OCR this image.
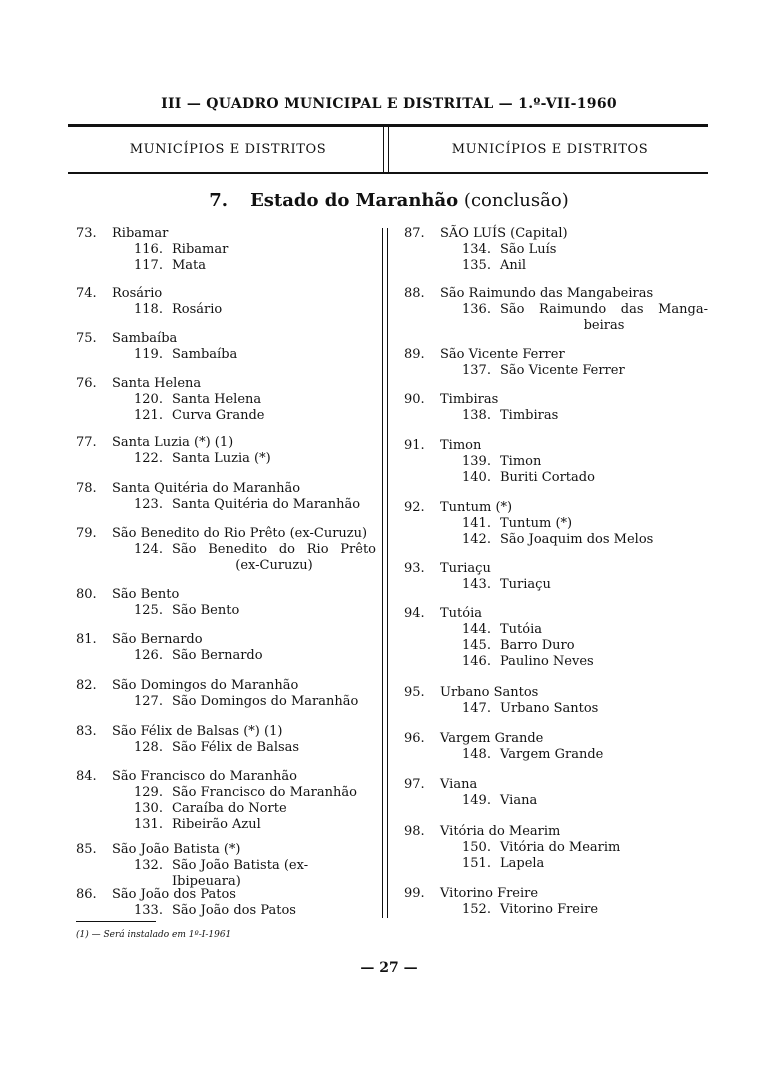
III — QUADRO MUNICIPAL E DISTRITAL — 1.º-VII-1960
MUNICÍPIOS E DISTRITOS	MUNICÍPIOS E DISTRITOS
7. Estado do Maranhão (conclusão)
73. Ribamar
116. Ribamar
117. Mata
74. Rosário
118. Rosário
75. Sambaíba
119. Sambaíba
76. Santa Helena
120. Santa Helena
121. Curva Grande
77. Santa Luzia (*) (1)
122. Santa Luzia (*)
78. Santa Quitéria do Maranhão
123. Santa Quitéria do Maranhão
79. São Benedito do Rio Prêto (ex-Curuzu)
124. São Benedito do Rio Prêto
(ex-Curuzu)
80. São Bento
125. São Bento
81. São Bernardo
126. São Bernardo
82. São Domingos do Maranhão
127. São Domingos do Maranhão
83. São Félix de Balsas (*) (1)
128. São Félix de Balsas
84. São Francisco do Maranhão
129. São Francisco do Maranhão
130. Caraíba do Norte
131. Ribeirão Azul
85. São João Batista (*)
132. São João Batista (ex-Ibipeuara)
86. São João dos Patos
133. São João dos Patos
87. SÃO LUÍS (Capital)
134. São Luís
135. Anil
88. São Raimundo das Mangabeiras
136. São Raimundo das Manga-
beiras
89. São Vicente Ferrer
137. São Vicente Ferrer
90. Timbiras
138. Timbiras
91. Timon
139. Timon
140. Buriti Cortado
92. Tuntum (*)
141. Tuntum (*)
142. São Joaquim dos Melos
93. Turiaçu
143. Turiaçu
94. Tutóia
144. Tutóia
145. Barro Duro
146. Paulino Neves
95. Urbano Santos
147. Urbano Santos
96. Vargem Grande
148. Vargem Grande
97. Viana
149. Viana
98. Vitória do Mearim
150. Vitória do Mearim
151. Lapela
99. Vitorino Freire
152. Vitorino Freire
(1) — Será instalado em 1º-I-1961
— 27 —
